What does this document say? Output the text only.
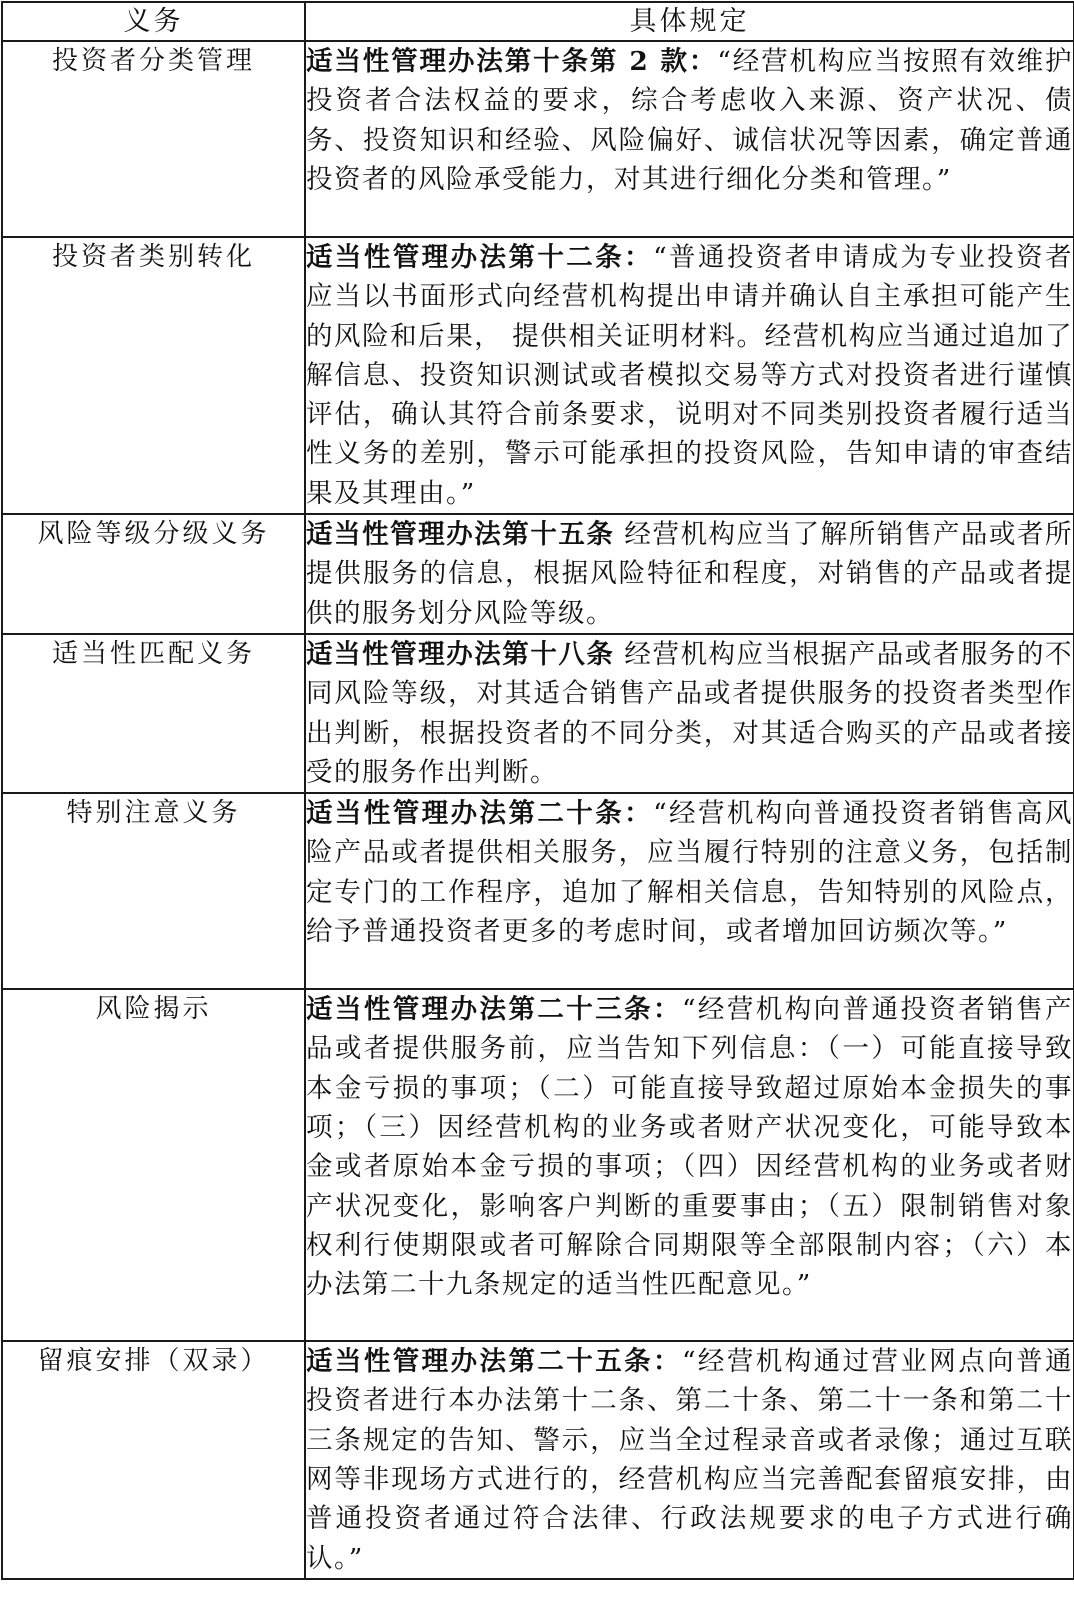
义务	具体规定
投资者分类管理	适当性管理办法第十条第 2 款：“经营机构应当按照有效维护投资者合法权益的要求，综合考虑收入来源、资产状况、债务、投资知识和经验、风险偏好、诚信状况等因素，确定普通投资者的风险承受能力，对其进行细化分类和管理。”
投资者类别转化	适当性管理办法第十二条：“普通投资者申请成为专业投资者应当以书面形式向经营机构提出申请并确认自主承担可能产生的风险和后果， 提供相关证明材料。经营机构应当通过追加了解信息、投资知识测试或者模拟交易等方式对投资者进行谨慎评估，确认其符合前条要求，说明对不同类别投资者履行适当性义务的差别，警示可能承担的投资风险，告知申请的审查结果及其理由。”
风险等级分级义务	适当性管理办法第十五条 经营机构应当了解所销售产品或者所提供服务的信息，根据风险特征和程度，对销售的产品或者提供的服务划分风险等级。
适当性匹配义务	适当性管理办法第十八条 经营机构应当根据产品或者服务的不同风险等级，对其适合销售产品或者提供服务的投资者类型作出判断，根据投资者的不同分类，对其适合购买的产品或者接受的服务作出判断。
特别注意义务	适当性管理办法第二十条：“经营机构向普通投资者销售高风险产品或者提供相关服务，应当履行特别的注意义务，包括制定专门的工作程序，追加了解相关信息，告知特别的风险点，给予普通投资者更多的考虑时间，或者增加回访频次等。”
风险揭示	适当性管理办法第二十三条：“经营机构向普通投资者销售产品或者提供服务前，应当告知下列信息：（一）可能直接导致本金亏损的事项；（二）可能直接导致超过原始本金损失的事项；（三）因经营机构的业务或者财产状况变化，可能导致本金或者原始本金亏损的事项；（四）因经营机构的业务或者财产状况变化，影响客户判断的重要事由；（五）限制销售对象权利行使期限或者可解除合同期限等全部限制内容；（六）本办法第二十九条规定的适当性匹配意见。”
留痕安排（双录）	适当性管理办法第二十五条：“经营机构通过营业网点向普通投资者进行本办法第十二条、第二十条、第二十一条和第二十三条规定的告知、警示，应当全过程录音或者录像；通过互联网等非现场方式进行的，经营机构应当完善配套留痕安排，由普通投资者通过符合法律、行政法规要求的电子方式进行确认。”
